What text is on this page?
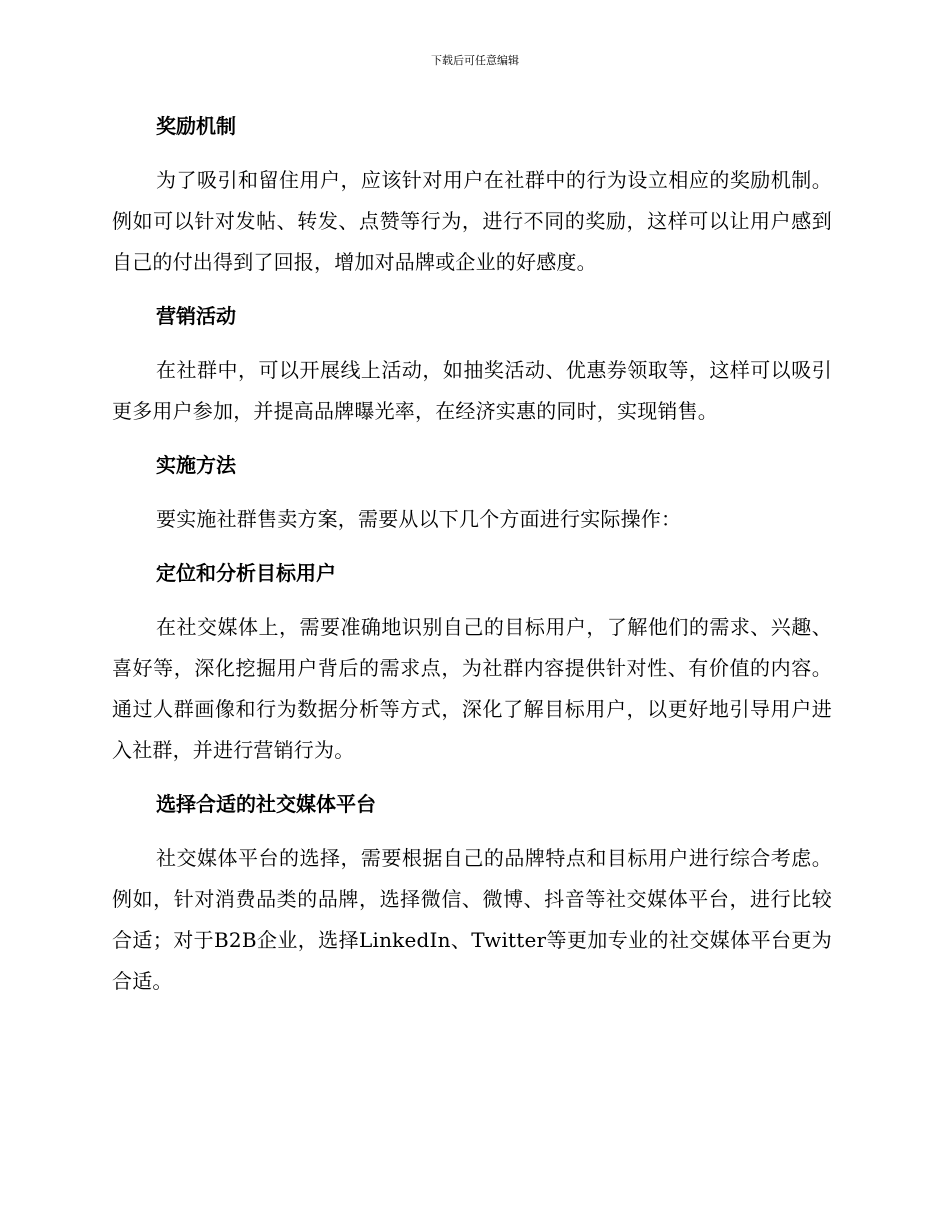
下载后可任意编辑
奖励机制

为了吸引和留住用户，应该针对用户在社群中的行为设立相应的奖励机制。例如可以针对发帖、转发、点赞等行为，进行不同的奖励，这样可以让用户感到自己的付出得到了回报，增加对品牌或企业的好感度。

营销活动

在社群中，可以开展线上活动，如抽奖活动、优惠券领取等，这样可以吸引更多用户参加，并提高品牌曝光率，在经济实惠的同时，实现销售。

实施方法

要实施社群售卖方案，需要从以下几个方面进行实际操作：

定位和分析目标用户

在社交媒体上，需要准确地识别自己的目标用户，了解他们的需求、兴趣、喜好等，深化挖掘用户背后的需求点，为社群内容提供针对性、有价值的内容。通过人群画像和行为数据分析等方式，深化了解目标用户，以更好地引导用户进入社群，并进行营销行为。

选择合适的社交媒体平台

社交媒体平台的选择，需要根据自己的品牌特点和目标用户进行综合考虑。例如，针对消费品类的品牌，选择微信、微博、抖音等社交媒体平台，进行比较合适；对于B2B企业，选择LinkedIn、Twitter等更加专业的社交媒体平台更为合适。
